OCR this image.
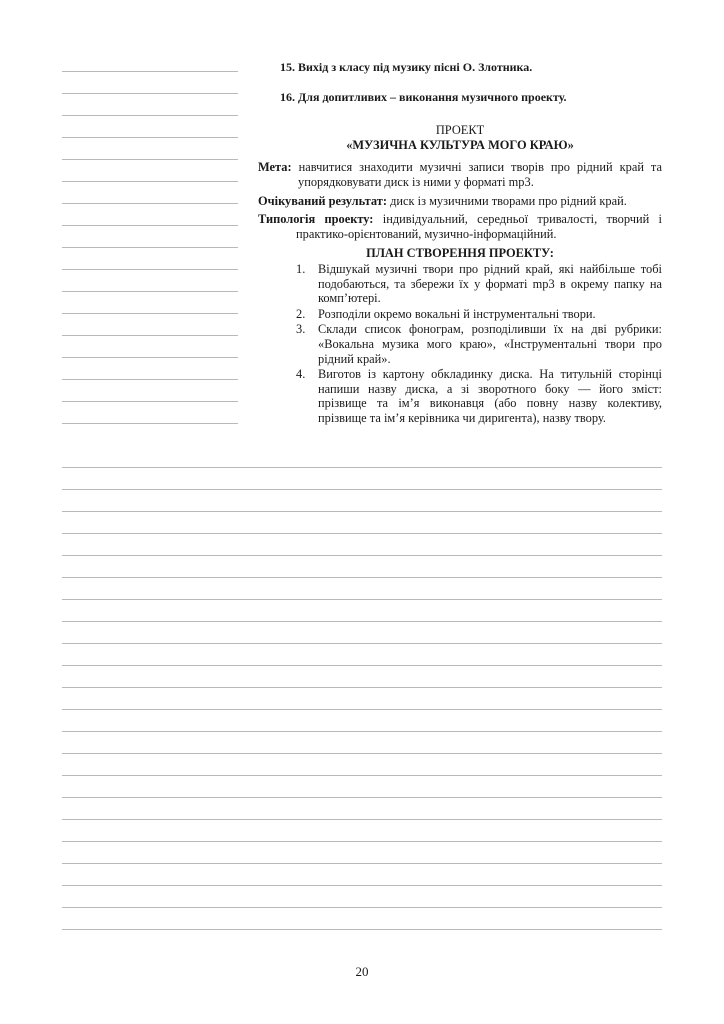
15. Вихід з класу під музику пісні О. Злотника.

16. Для допитливих – виконання музичного проекту.

ПРОЕКТ
«МУЗИЧНА КУЛЬТУРА МОГО КРАЮ»
Мета: навчитися знаходити музичні записи творів про рідний край та упорядковувати диск із ними у форматі mp3.
Очікуваний результат: диск із музичними творами про рідний край.
Типологія проекту: індивідуальний, середньої тривалості, творчий і практико-орієнтований, музично-інформаційний.
ПЛАН СТВОРЕННЯ ПРОЕКТУ:
1. Відшукай музичні твори про рідний край, які найбільше тобі подобаються, та збережи їх у форматі mp3 в окрему папку на комп’ютері.
2. Розподіли окремо вокальні й інструментальні твори.
3. Склади список фонограм, розподіливши їх на дві рубрики: «Вокальна музика мого краю», «Інструментальні твори про рідний край».
4. Виготов із картону обкладинку диска. На титульній сторінці напиши назву диска, а зі зворотного боку — його зміст: прізвище та ім’я виконавця (або повну назву колективу, прізвище та ім’я керівника чи диригента), назву твору.
20
